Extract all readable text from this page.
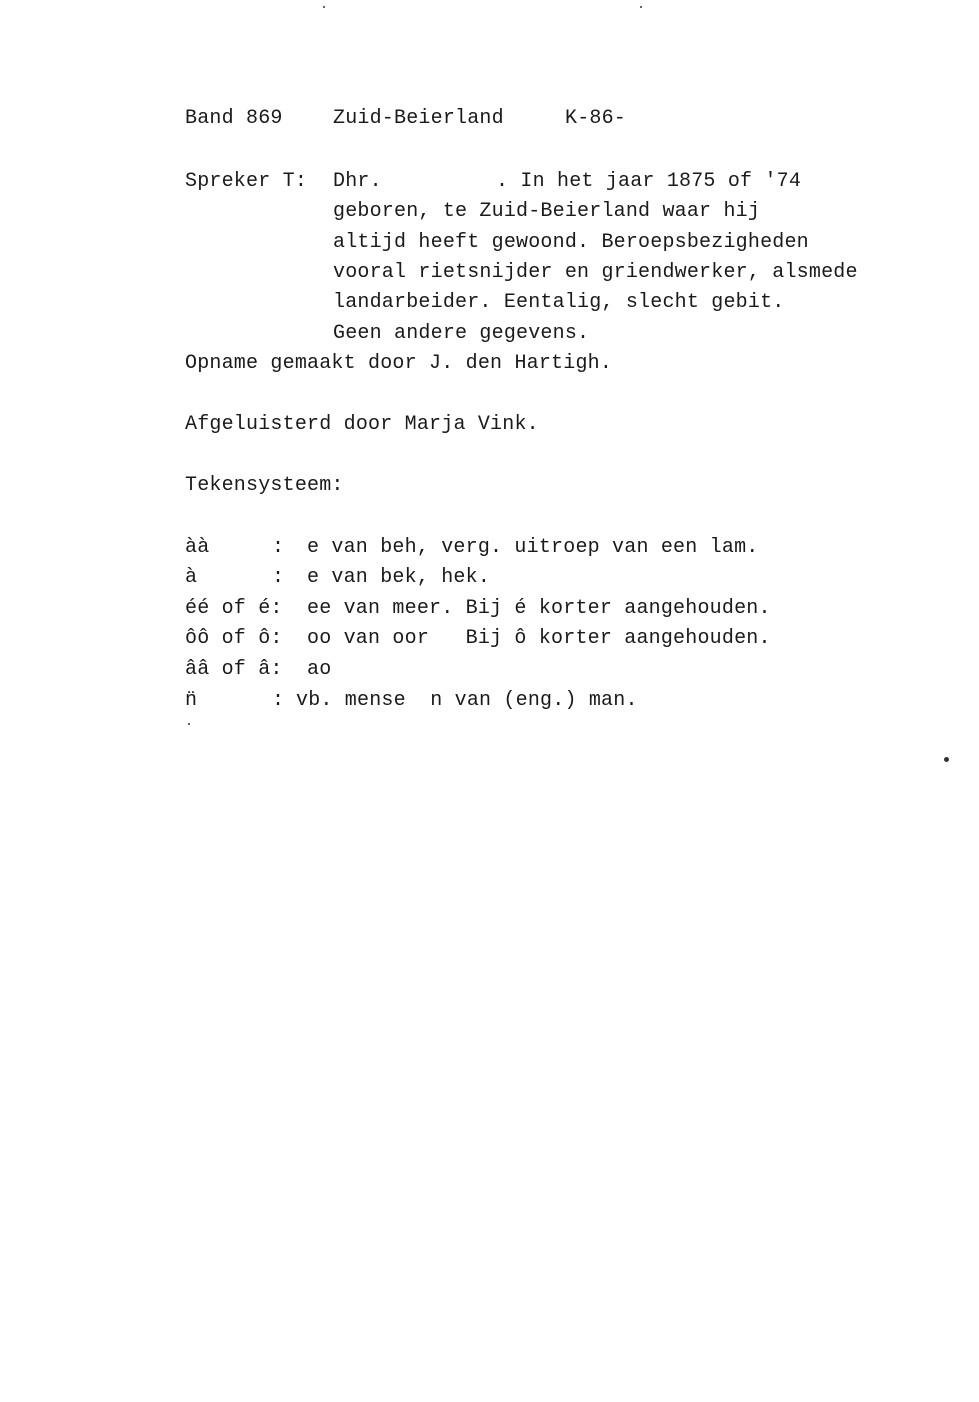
Band 869	Zuid-Beierland	K-86-
Spreker T: Dhr.	. In het jaar 1875 of '74
geboren, te Zuid-Beierland waar hij
altijd heeft gewoond. Beroepsbezigheden
vooral rietsnijder en griendwerker, alsmede
landarbeider. Eentalig, slecht gebit.
Geen andere gegevens.
Opname gemaakt door J. den Hartigh.
Afgeluisterd door Marja Vink.
Tekensysteem:
àà	: e van beh, verg. uitroep van een lam.
à	: e van bek, hek.
éé of é: ee van meer. Bij é korter aangehouden.
ôô of ô: oo van oor   Bij ô korter aangehouden.
ââ of â: ao
n̈	: vb. mense  n van (eng.) man.
